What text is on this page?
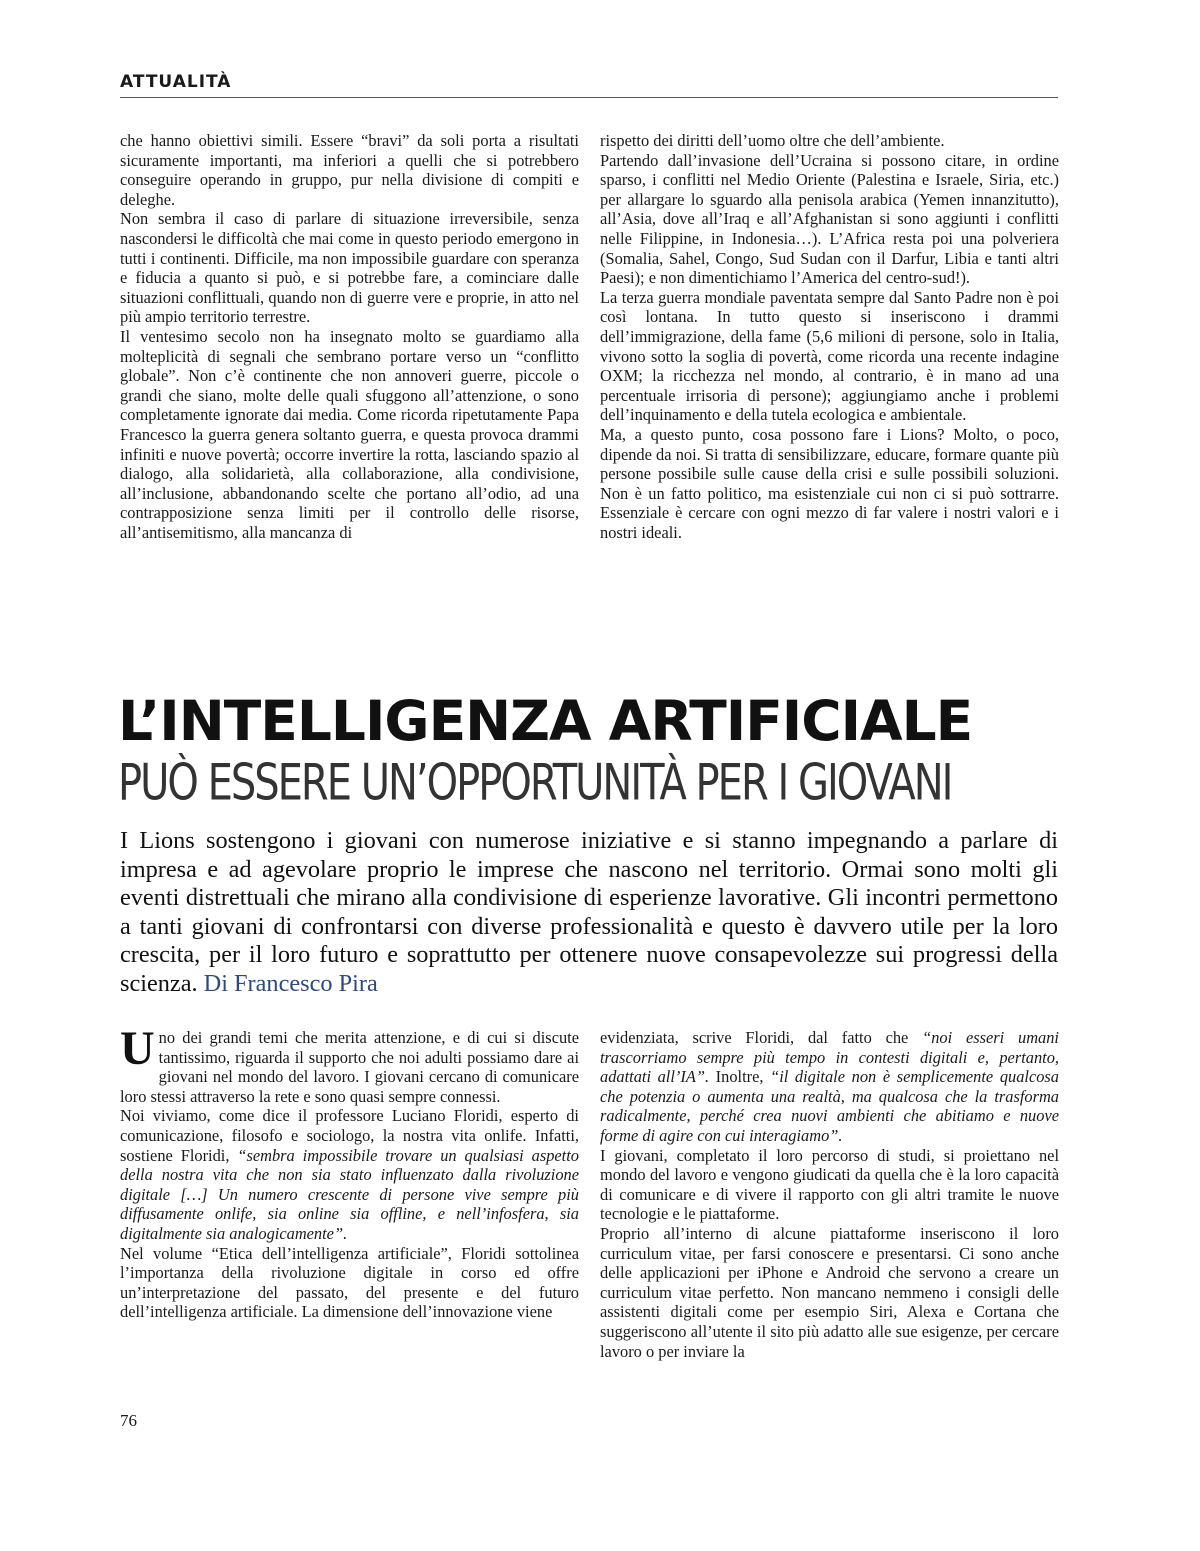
ATTUALITÀ

che hanno obiettivi simili. Essere “bravi” da soli porta a risultati sicuramente importanti, ma inferiori a quelli che si potrebbero conseguire operando in gruppo, pur nella divisione di compiti e deleghe.

Non sembra il caso di parlare di situazione irreversibile, senza nascondersi le difficoltà che mai come in questo periodo emergono in tutti i continenti. Difficile, ma non impossibile guardare con speranza e fiducia a quanto si può, e si potrebbe fare, a cominciare dalle situazioni conflittuali, quando non di guerre vere e proprie, in atto nel più ampio territorio terrestre.

Il ventesimo secolo non ha insegnato molto se guardiamo alla molteplicità di segnali che sembrano portare verso un “conflitto globale”. Non c’è continente che non annoveri guerre, piccole o grandi che siano, molte delle quali sfuggono all’attenzione, o sono completamente ignorate dai media. Come ricorda ripetutamente Papa Francesco la guerra genera soltanto guerra, e questa provoca drammi infiniti e nuove povertà; occorre invertire la rotta, lasciando spazio al dialogo, alla solidarietà, alla collaborazione, alla condivisione, all’inclusione, abbandonando scelte che portano all’odio, ad una contrapposizione senza limiti per il controllo delle risorse, all’antisemitismo, alla mancanza di

rispetto dei diritti dell’uomo oltre che dell’ambiente.

Partendo dall’invasione dell’Ucraina si possono citare, in ordine sparso, i conflitti nel Medio Oriente (Palestina e Israele, Siria, etc.) per allargare lo sguardo alla penisola arabica (Yemen innanzitutto), all’Asia, dove all’Iraq e all’Afghanistan si sono aggiunti i conflitti nelle Filippine, in Indonesia…). L’Africa resta poi una polveriera (Somalia, Sahel, Congo, Sud Sudan con il Darfur, Libia e tanti altri Paesi); e non dimentichiamo l’America del centro-sud!).

La terza guerra mondiale paventata sempre dal Santo Padre non è poi così lontana. In tutto questo si inseriscono i drammi dell’immigrazione, della fame (5,6 milioni di persone, solo in Italia, vivono sotto la soglia di povertà, come ricorda una recente indagine OXM; la ricchezza nel mondo, al contrario, è in mano ad una percentuale irrisoria di persone); aggiungiamo anche i problemi dell’inquinamento e della tutela ecologica e ambientale.

Ma, a questo punto, cosa possono fare i Lions? Molto, o poco, dipende da noi. Si tratta di sensibilizzare, educare, formare quante più persone possibile sulle cause della crisi e sulle possibili soluzioni. Non è un fatto politico, ma esistenziale cui non ci si può sottrarre. Essenziale è cercare con ogni mezzo di far valere i nostri valori e i nostri ideali.

L’INTELLIGENZA ARTIFICIALE
PUÒ ESSERE UN’OPPORTUNITÀ PER I GIOVANI
I Lions sostengono i giovani con numerose iniziative e si stanno impegnando a parlare di impresa e ad agevolare proprio le imprese che nascono nel territorio. Ormai sono molti gli eventi distrettuali che mirano alla condivisione di esperienze lavorative. Gli incontri permettono a tanti giovani di confrontarsi con diverse professionalità e questo è davvero utile per la loro crescita, per il loro futuro e soprattutto per ottenere nuove consapevolezze sui progressi della scienza. Di Francesco Pira

Uno dei grandi temi che merita attenzione, e di cui si discute tantissimo, riguarda il supporto che noi adulti possiamo dare ai giovani nel mondo del lavoro. I giovani cercano di comunicare loro stessi attraverso la rete e sono quasi sempre connessi.

Noi viviamo, come dice il professore Luciano Floridi, esperto di comunicazione, filosofo e sociologo, la nostra vita onlife. Infatti, sostiene Floridi, “sembra impossibile trovare un qualsiasi aspetto della nostra vita che non sia stato influenzato dalla rivoluzione digitale […] Un numero crescente di persone vive sempre più diffusamente onlife, sia online sia offline, e nell’infosfera, sia digitalmente sia analogicamente”.

Nel volume “Etica dell’intelligenza artificiale”, Floridi sottolinea l’importanza della rivoluzione digitale in corso ed offre un’interpretazione del passato, del presente e del futuro dell’intelligenza artificiale. La dimensione dell’innovazione viene

evidenziata, scrive Floridi, dal fatto che “noi esseri umani trascorriamo sempre più tempo in contesti digitali e, pertanto, adattati all’IA”. Inoltre, “il digitale non è semplicemente qualcosa che potenzia o aumenta una realtà, ma qualcosa che la trasforma radicalmente, perché crea nuovi ambienti che abitiamo e nuove forme di agire con cui interagiamo”.

I giovani, completato il loro percorso di studi, si proiettano nel mondo del lavoro e vengono giudicati da quella che è la loro capacità di comunicare e di vivere il rapporto con gli altri tramite le nuove tecnologie e le piattaforme.

Proprio all’interno di alcune piattaforme inseriscono il loro curriculum vitae, per farsi conoscere e presentarsi. Ci sono anche delle applicazioni per iPhone e Android che servono a creare un curriculum vitae perfetto. Non mancano nemmeno i consigli delle assistenti digitali come per esempio Siri, Alexa e Cortana che suggeriscono all’utente il sito più adatto alle sue esigenze, per cercare lavoro o per inviare la

76
